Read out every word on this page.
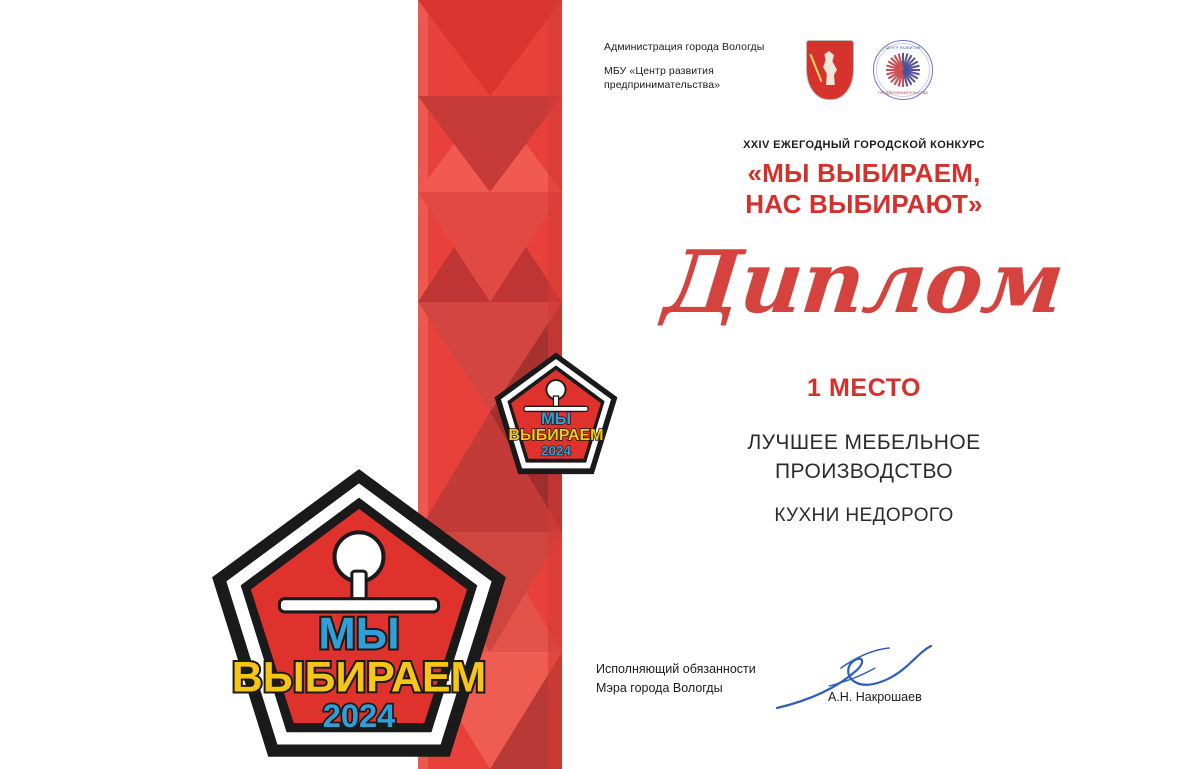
Администрация города Вологды
МБУ «Центр развития предпринимательства»
ЦЕНТР РАЗВИТИЯ
ПРЕДПРИНИМАТЕЛЬСТВА
XXIV ЕЖЕГОДНЫЙ ГОРОДСКОЙ КОНКУРС
«МЫ ВЫБИРАЕМ,
НАС ВЫБИРАЮТ»
Диплом
1 МЕСТО
ЛУЧШЕЕ МЕБЕЛЬНОЕ
ПРОИЗВОДСТВО
КУХНИ НЕДОРОГО
Исполняющий обязанности
Мэра города Вологды
А.Н. Накрошаев
МЫ
ВЫБИРАЕМ
2024
МЫ
ВЫБИРАЕМ
2024
